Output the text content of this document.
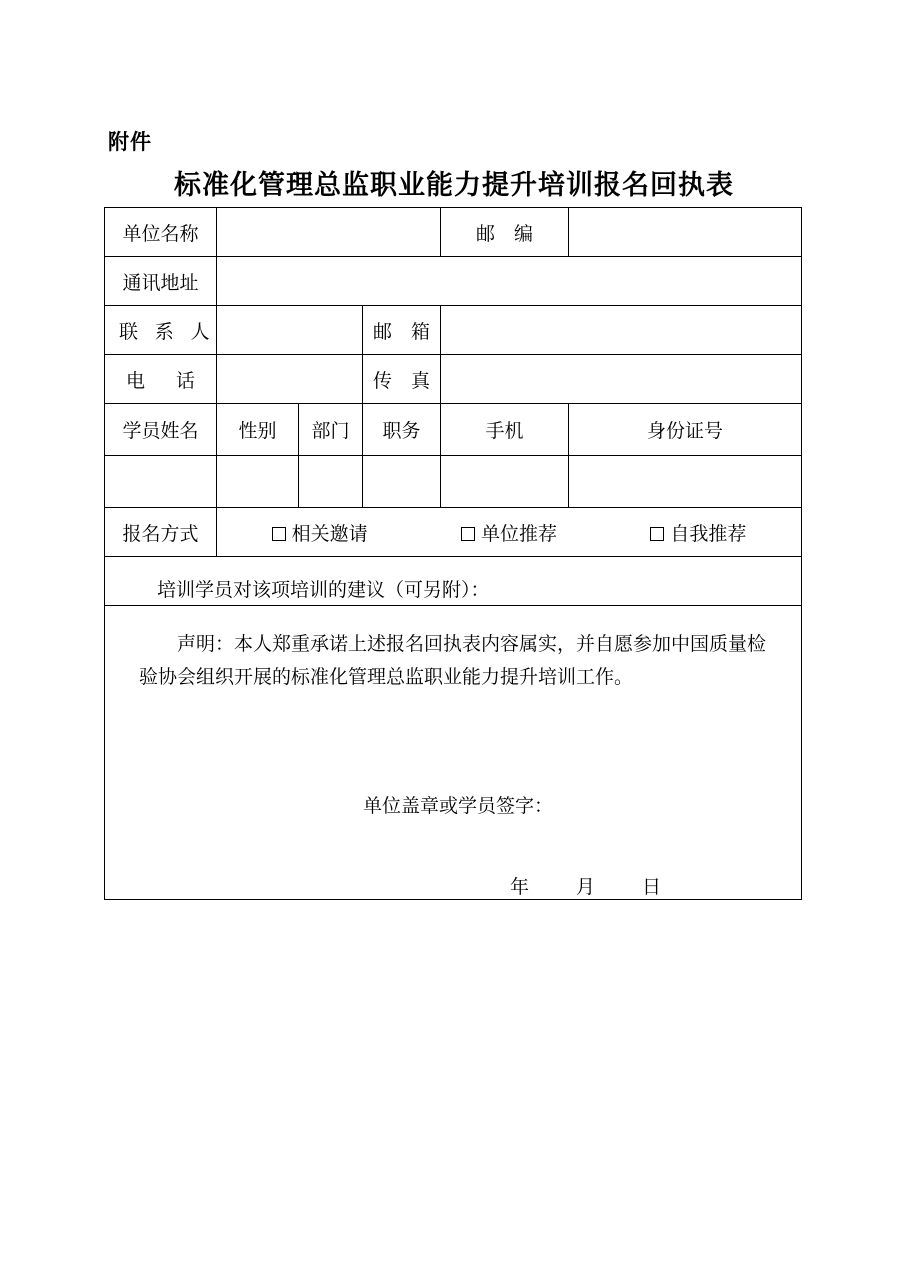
附件
标准化管理总监职业能力提升培训报名回执表
单位名称				邮　编	
通讯地址					
联 系 人			邮　箱		
电　话			传　真		
学员姓名	性别	部门	职务	手机	身份证号

报名方式	相关邀请 单位推荐 自我推荐				

培训学员对该项培训的建议（可另附）：					

声明：本人郑重承诺上述报名回执表内容属实，并自愿参加中国质量检验协会组织开展的标准化管理总监职业能力提升培训工作。

单位盖章或学员签字：
年　月　日					
